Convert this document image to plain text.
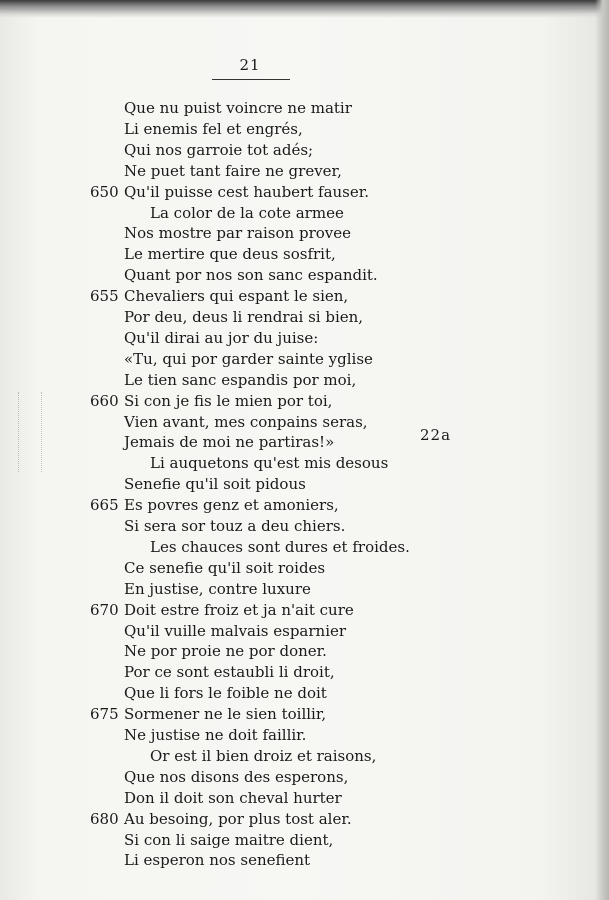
21
Que nu puist voincre ne matir
Li enemis fel et engrés,
Qui nos garroie tot adés;
Ne puet tant faire ne grever,
650 Qu'il puisse cest haubert fauser.
La color de la cote armee
Nos mostre par raison provee
Le mertire que deus sosfrit,
Quant por nos son sanc espandit.
655 Chevaliers qui espant le sien,
Por deu, deus li rendrai si bien,
Qu'il dirai au jor du juise:
«Tu, qui por garder sainte yglise
Le tien sanc espandis por moi,
660 Si con je fis le mien por toi,
Vien avant, mes conpains seras,
Jemais de moi ne partiras!»
Li auquetons qu'est mis desous
Senefie qu'il soit pidous
665 Es povres genz et amoniers,
Si sera sor touz a deu chiers.
Les chauces sont dures et froides.
Ce senefie qu'il soit roides
En justise, contre luxure
670 Doit estre froiz et ja n'ait cure
Qu'il vuille malvais esparnier
Ne por proie ne por doner.
Por ce sont estaubli li droit,
Que li fors le foible ne doit
675 Sormener ne le sien toillir,
Ne justise ne doit faillir.
Or est il bien droiz et raisons,
Que nos disons des esperons,
Don il doit son cheval hurter
680 Au besoing, por plus tost aler.
Si con li saige maitre dient,
Li esperon nos senefient
22a
